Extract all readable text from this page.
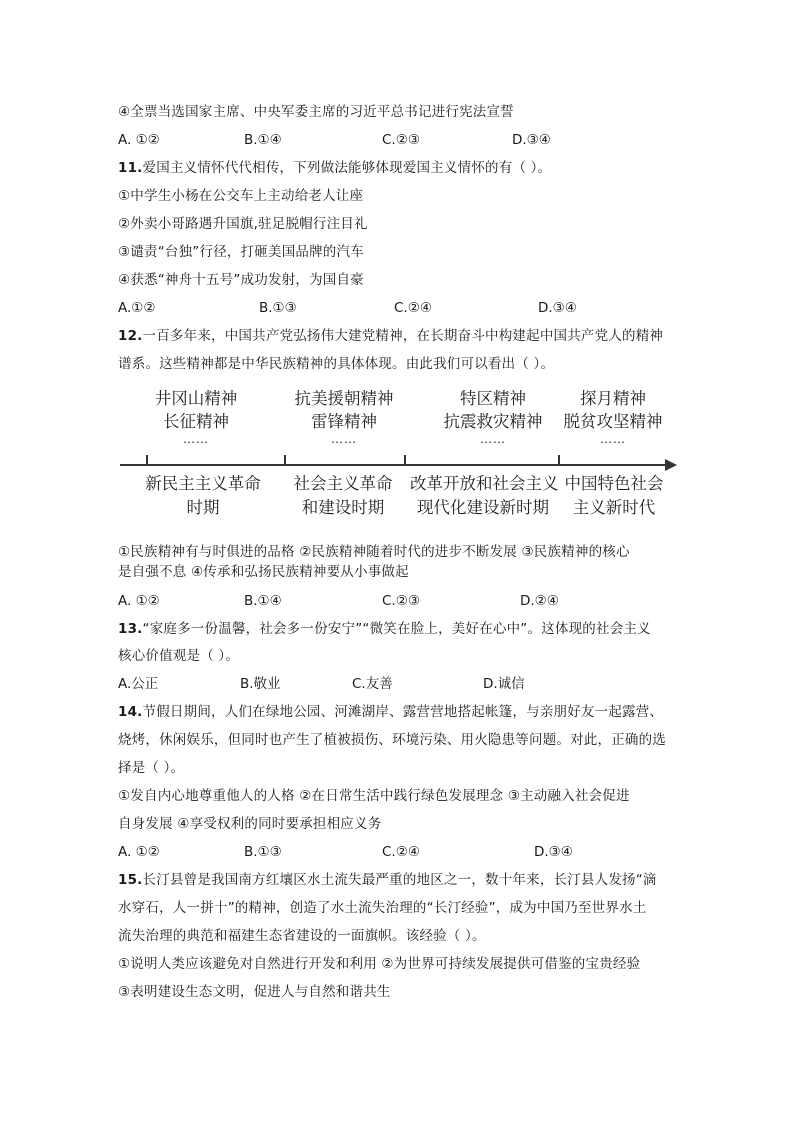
④全票当选国家主席、中央军委主席的习近平总书记进行宪法宣誓
A. ①②	B.①④	C.②③	D.③④
11.爱国主义情怀代代相传，下列做法能够体现爱国主义情怀的有（ ）。
①中学生小杨在公交车上主动给老人让座
②外卖小哥路遇升国旗,驻足脱帽行注目礼
③谴责“台独”行径，打砸美国品牌的汽车
④获悉“神舟十五号”成功发射，为国自豪
A.①②	B.①③	C.②④	D.③④
12.一百多年来，中国共产党弘扬伟大建党精神，在长期奋斗中构建起中国共产党人的精神
谱系。这些精神都是中华民族精神的具体体现。由此我们可以看出（ ）。
井冈山精神
长征精神
……
抗美援朝精神
雷锋精神
……
特区精神
抗震救灾精神
……
探月精神
脱贫攻坚精神
……
新民主主义革命
时期
社会主义革命
和建设时期
改革开放和社会主义
现代化建设新时期
中国特色社会
主义新时代
①民族精神有与时俱进的品格 ②民族精神随着时代的进步不断发展 ③民族精神的核心
是自强不息 ④传承和弘扬民族精神要从小事做起
A. ①②	B.①④	C.②③	D.②④
13.“家庭多一份温馨，社会多一份安宁”“微笑在脸上，美好在心中”。这体现的社会主义
核心价值观是（ ）。
A.公正	B.敬业	C.友善	D.诚信
14.节假日期间，人们在绿地公园、河滩湖岸、露营营地搭起帐篷，与亲朋好友一起露营、
烧烤，休闲娱乐，但同时也产生了植被损伤、环境污染、用火隐患等问题。对此，正确的选
择是（ ）。
①发自内心地尊重他人的人格 ②在日常生活中践行绿色发展理念 ③主动融入社会促进
自身发展 ④享受权利的同时要承担相应义务
A. ①②	B.①③	C.②④	D.③④
15.长汀县曾是我国南方红壤区水土流失最严重的地区之一，数十年来，长汀县人发扬“滴
水穿石，人一拼十”的精神，创造了水土流失治理的“长汀经验”，成为中国乃至世界水土
流失治理的典范和福建生态省建设的一面旗帜。该经验（ ）。
①说明人类应该避免对自然进行开发和利用 ②为世界可持续发展提供可借鉴的宝贵经验
③表明建设生态文明，促进人与自然和谐共生
